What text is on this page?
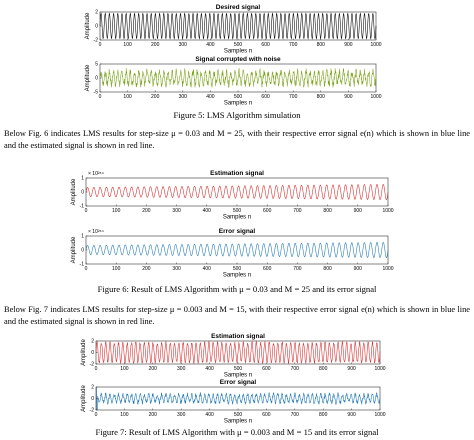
Desired signal
0	100	200	300	400	500	600	700	800	900	1000
-2
0
2
Samples n
Amplitude
Signal corrupted with noise
0	100	200	300	400	500	600	700	800	900	1000
-5
0
5
Samples n
Amplitude
Figure 5: LMS Algorithm simulation
Below Fig. 6 indicates LMS results for step-size μ = 0.03 and M = 25, with their respective error signal e(n) which is shown in blue line and the estimated signal is shown in red line.
Estimation signal
× 10²⁶⁴
0	100	200	300	400	500	600	700	800	900	1000
-1
0
1
Samples n
Amplitude
Error signal
× 10²⁶⁴
0	100	200	300	400	500	600	700	800	900	1000
-1
0
1
Samples n
Amplitude
Figure 6: Result of LMS Algorithm with μ = 0.03 and M = 25 and its error signal
Below Fig. 7 indicates LMS results for step-size μ = 0.003 and M = 15, with their respective error signal e(n) which is shown in blue line and the estimated signal is shown in red line.
Estimation signal
0	100	200	300	400	500	600	700	800	900	1000
-2
0
2
Samples n
Amplitude
Error signal
0	100	200	300	400	500	600	700	800	900	1000
-2
0
2
Samples n
Amplitude
Figure 7: Result of LMS Algorithm with μ = 0.003 and M = 15 and its error signal
